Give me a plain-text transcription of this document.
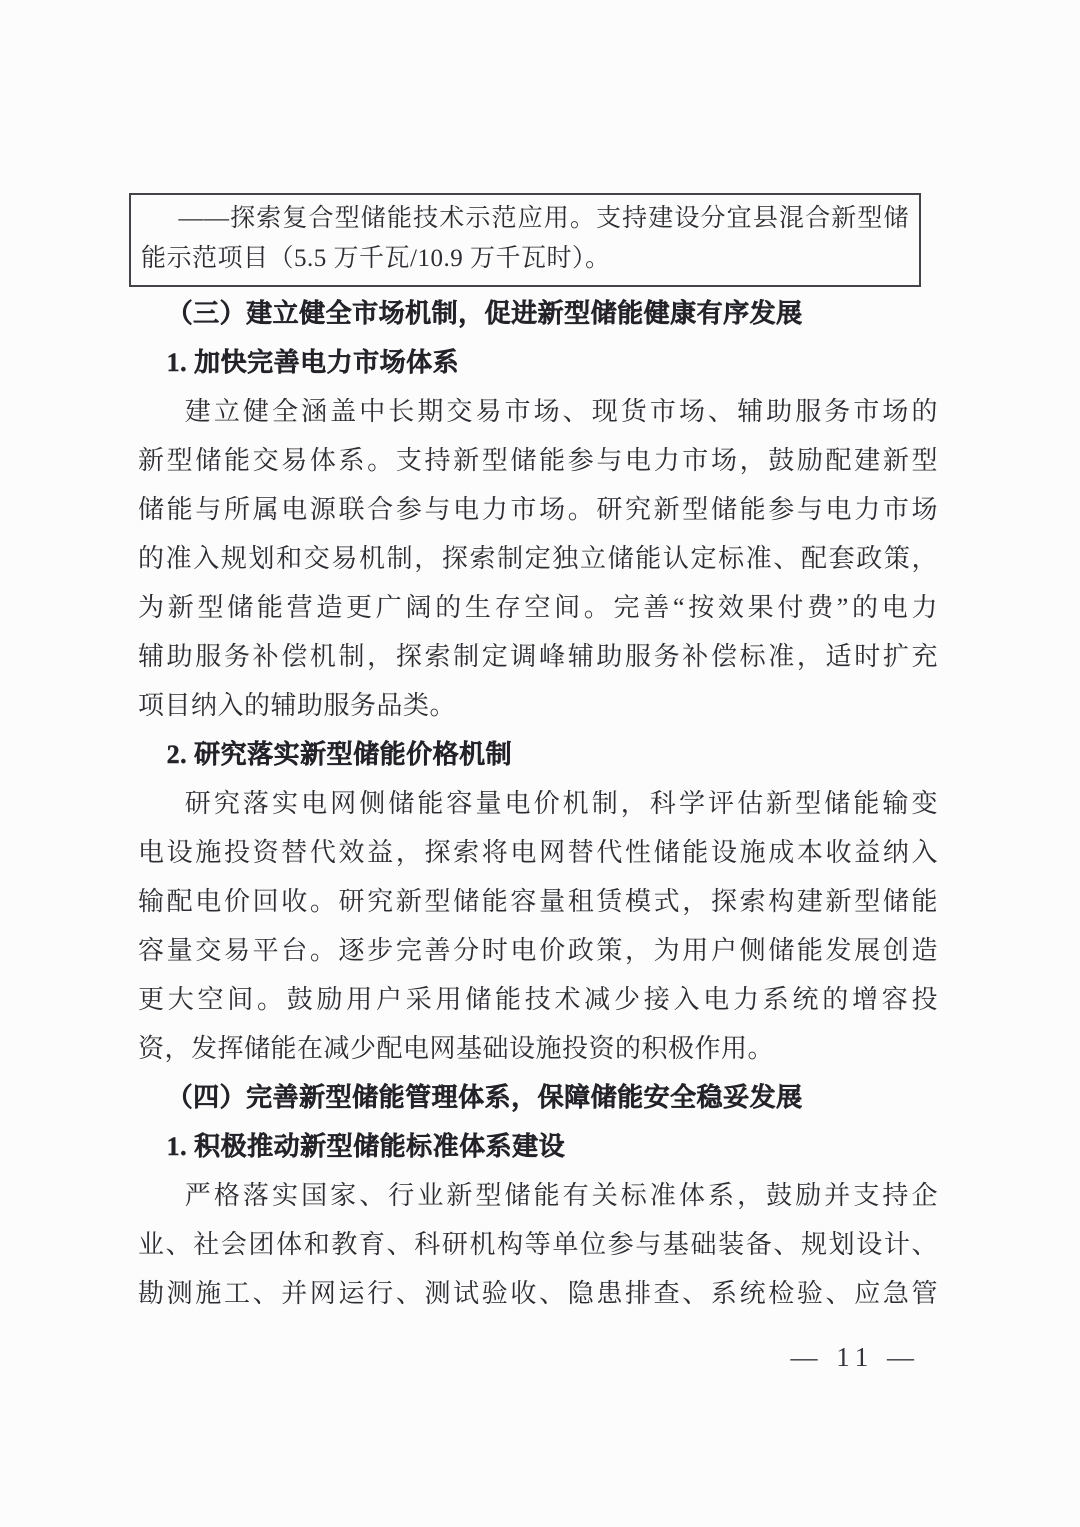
——探索复合型储能技术示范应用。支持建设分宜县混合新型储
能示范项目（5.5 万千瓦/10.9 万千瓦时）。
（三）建立健全市场机制，促进新型储能健康有序发展
1. 加快完善电力市场体系
建立健全涵盖中长期交易市场、现货市场、辅助服务市场的
新型储能交易体系。支持新型储能参与电力市场，鼓励配建新型
储能与所属电源联合参与电力市场。研究新型储能参与电力市场
的准入规划和交易机制，探索制定独立储能认定标准、配套政策，
为新型储能营造更广阔的生存空间。完善“按效果付费”的电力
辅助服务补偿机制，探索制定调峰辅助服务补偿标准，适时扩充
项目纳入的辅助服务品类。
2. 研究落实新型储能价格机制
研究落实电网侧储能容量电价机制，科学评估新型储能输变
电设施投资替代效益，探索将电网替代性储能设施成本收益纳入
输配电价回收。研究新型储能容量租赁模式，探索构建新型储能
容量交易平台。逐步完善分时电价政策，为用户侧储能发展创造
更大空间。鼓励用户采用储能技术减少接入电力系统的增容投
资，发挥储能在减少配电网基础设施投资的积极作用。
（四）完善新型储能管理体系，保障储能安全稳妥发展
1. 积极推动新型储能标准体系建设
严格落实国家、行业新型储能有关标准体系，鼓励并支持企
业、社会团体和教育、科研机构等单位参与基础装备、规划设计、
勘测施工、并网运行、测试验收、隐患排查、系统检验、应急管
— 11 —
